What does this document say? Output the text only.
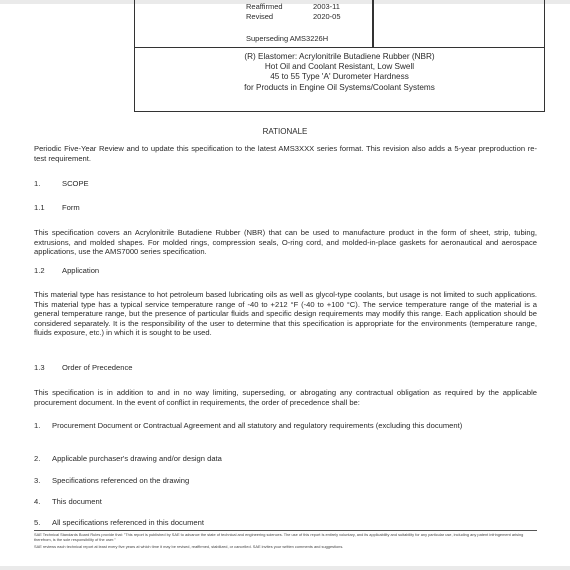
Reaffirmed	2003-11
Revised	2020-05
Superseding AMS3226H
(R) Elastomer: Acrylonitrile Butadiene Rubber (NBR)
Hot Oil and Coolant Resistant, Low Swell
45 to 55 Type 'A' Durometer Hardness
for Products in Engine Oil Systems/Coolant Systems
RATIONALE
Periodic Five-Year Review and to update this specification to the latest AMS3XXX series format. This revision also adds a 5-year preproduction re-test requirement.
1.	SCOPE
1.1 Form
This specification covers an Acrylonitrile Butadiene Rubber (NBR) that can be used to manufacture product in the form of sheet, strip, tubing, extrusions, and molded shapes. For molded rings, compression seals, O-ring cord, and molded-in-place gaskets for aeronautical and aerospace applications, use the AMS7000 series specification.
1.2 Application
This material type has resistance to hot petroleum based lubricating oils as well as glycol-type coolants, but usage is not limited to such applications. This material type has a typical service temperature range of -40 to +212 °F (-40 to +100 °C). The service temperature range of the material is a general temperature range, but the presence of particular fluids and specific design requirements may modify this range. Each application should be considered separately. It is the responsibility of the user to determine that this specification is appropriate for the environments (temperature range, fluids exposure, etc.) in which it is sought to be used.
1.3 Order of Precedence
This specification is in addition to and in no way limiting, superseding, or abrogating any contractual obligation as required by the applicable procurement document. In the event of conflict in requirements, the order of precedence shall be:
1.	Procurement Document or Contractual Agreement and all statutory and regulatory requirements (excluding this document)
2.	Applicable purchaser's drawing and/or design data
3.	Specifications referenced on the drawing
4.	This document
5.	All specifications referenced in this document
SAE Technical Standards Board Rules provide that: "This report is published by SAE to advance the state of technical and engineering sciences. The use of this report is entirely voluntary, and its applicability and suitability for any particular use, including any patent infringement arising therefrom, is the sole responsibility of the user."
SAE reviews each technical report at least every five years at which time it may be revised, reaffirmed, stabilized, or cancelled. SAE invites your written comments and suggestions.
